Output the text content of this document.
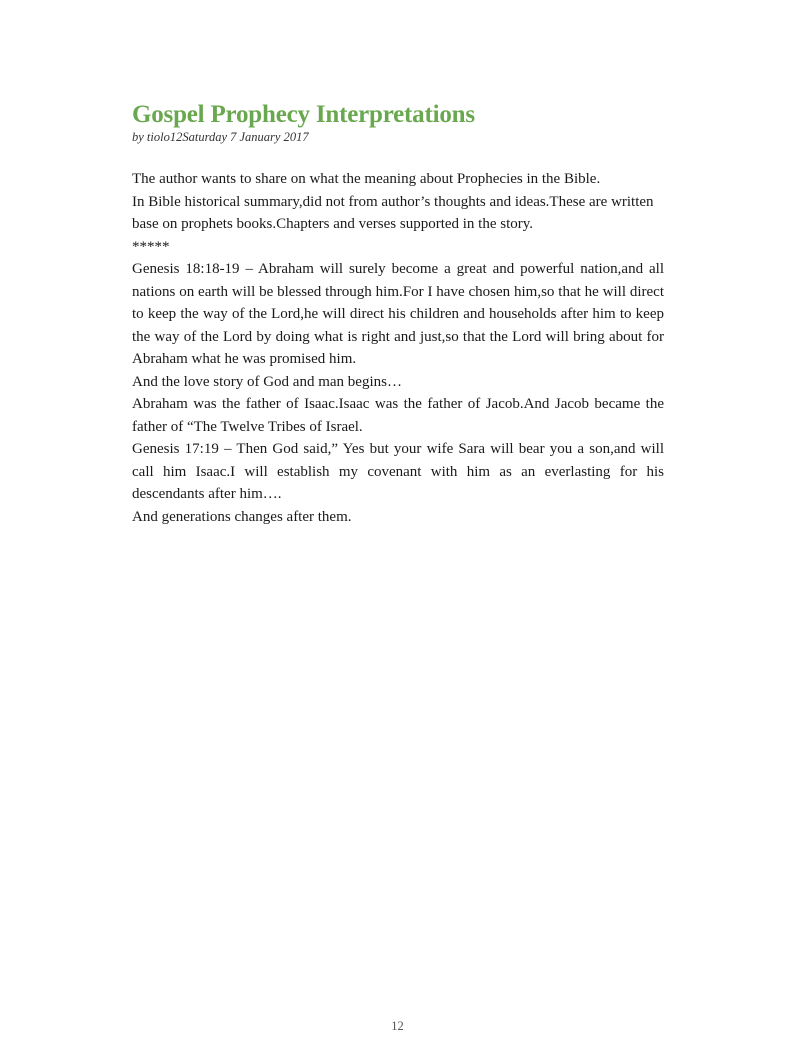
Gospel Prophecy Interpretations

by tiolo12Saturday 7 January 2017

The author wants to share on what the meaning about Prophecies in the Bible.

In Bible historical summary,did not from author’s thoughts and ideas.These are written base on prophets books.Chapters and verses supported in the story.

*****

Genesis 18:18-19 – Abraham will surely become a great and powerful nation,and all nations on earth will be blessed through him.For I have chosen him,so that he will direct to keep the way of the Lord,he will direct his children and households after him to keep the way of the Lord by doing what is right and just,so that the Lord will bring about for Abraham what he was promised him.

And the love story of God and man begins…

Abraham was the father of Isaac.Isaac was the father of Jacob.And Jacob became the father of “The Twelve Tribes of Israel.

Genesis 17:19 – Then God said,” Yes but your wife Sara will bear you a son,and will call him Isaac.I will establish my covenant with him as an everlasting for his descendants after him….

And generations changes after them.

12
